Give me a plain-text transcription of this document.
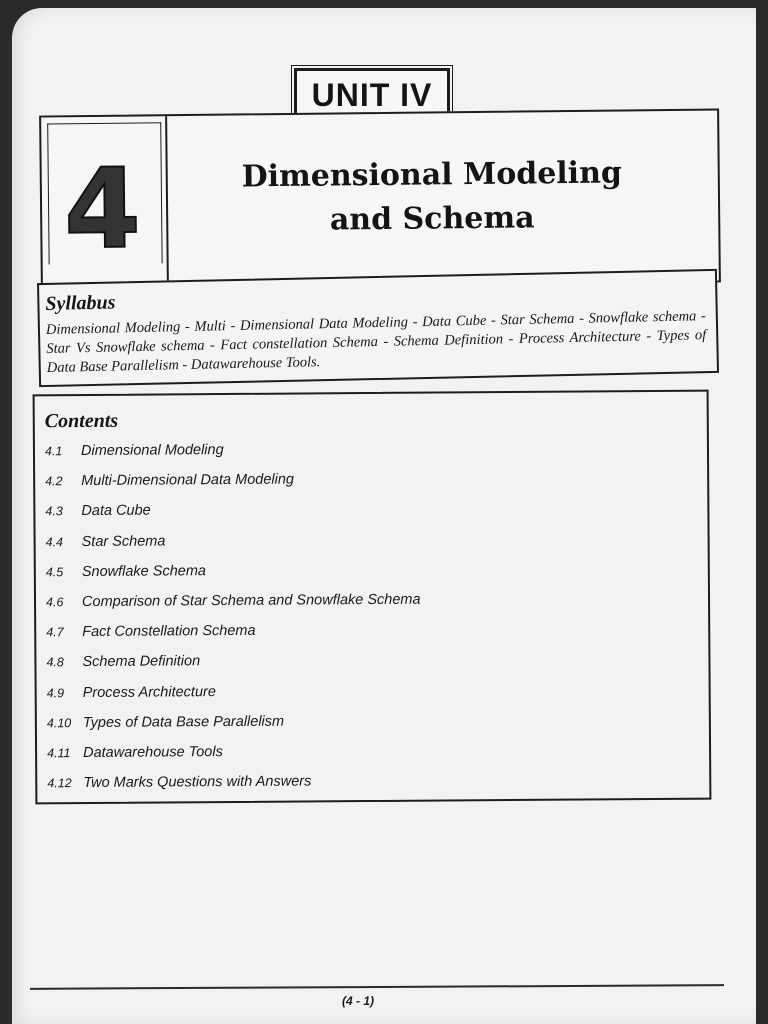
UNIT IV
4	Dimensional Modeling
and Schema
Syllabus
Dimensional Modeling - Multi - Dimensional Data Modeling - Data Cube - Star Schema - Snowflake schema - Star Vs Snowflake schema - Fact constellation Schema - Schema Definition - Process Architecture - Types of Data Base Parallelism - Datawarehouse Tools.
Contents
4.1	Dimensional Modeling
4.2	Multi-Dimensional Data Modeling
4.3	Data Cube
4.4	Star Schema
4.5	Snowflake Schema
4.6	Comparison of Star Schema and Snowflake Schema
4.7	Fact Constellation Schema
4.8	Schema Definition
4.9	Process Architecture
4.10 Types of Data Base Parallelism
4.11 Datawarehouse Tools
4.12 Two Marks Questions with Answers
(4 - 1)
